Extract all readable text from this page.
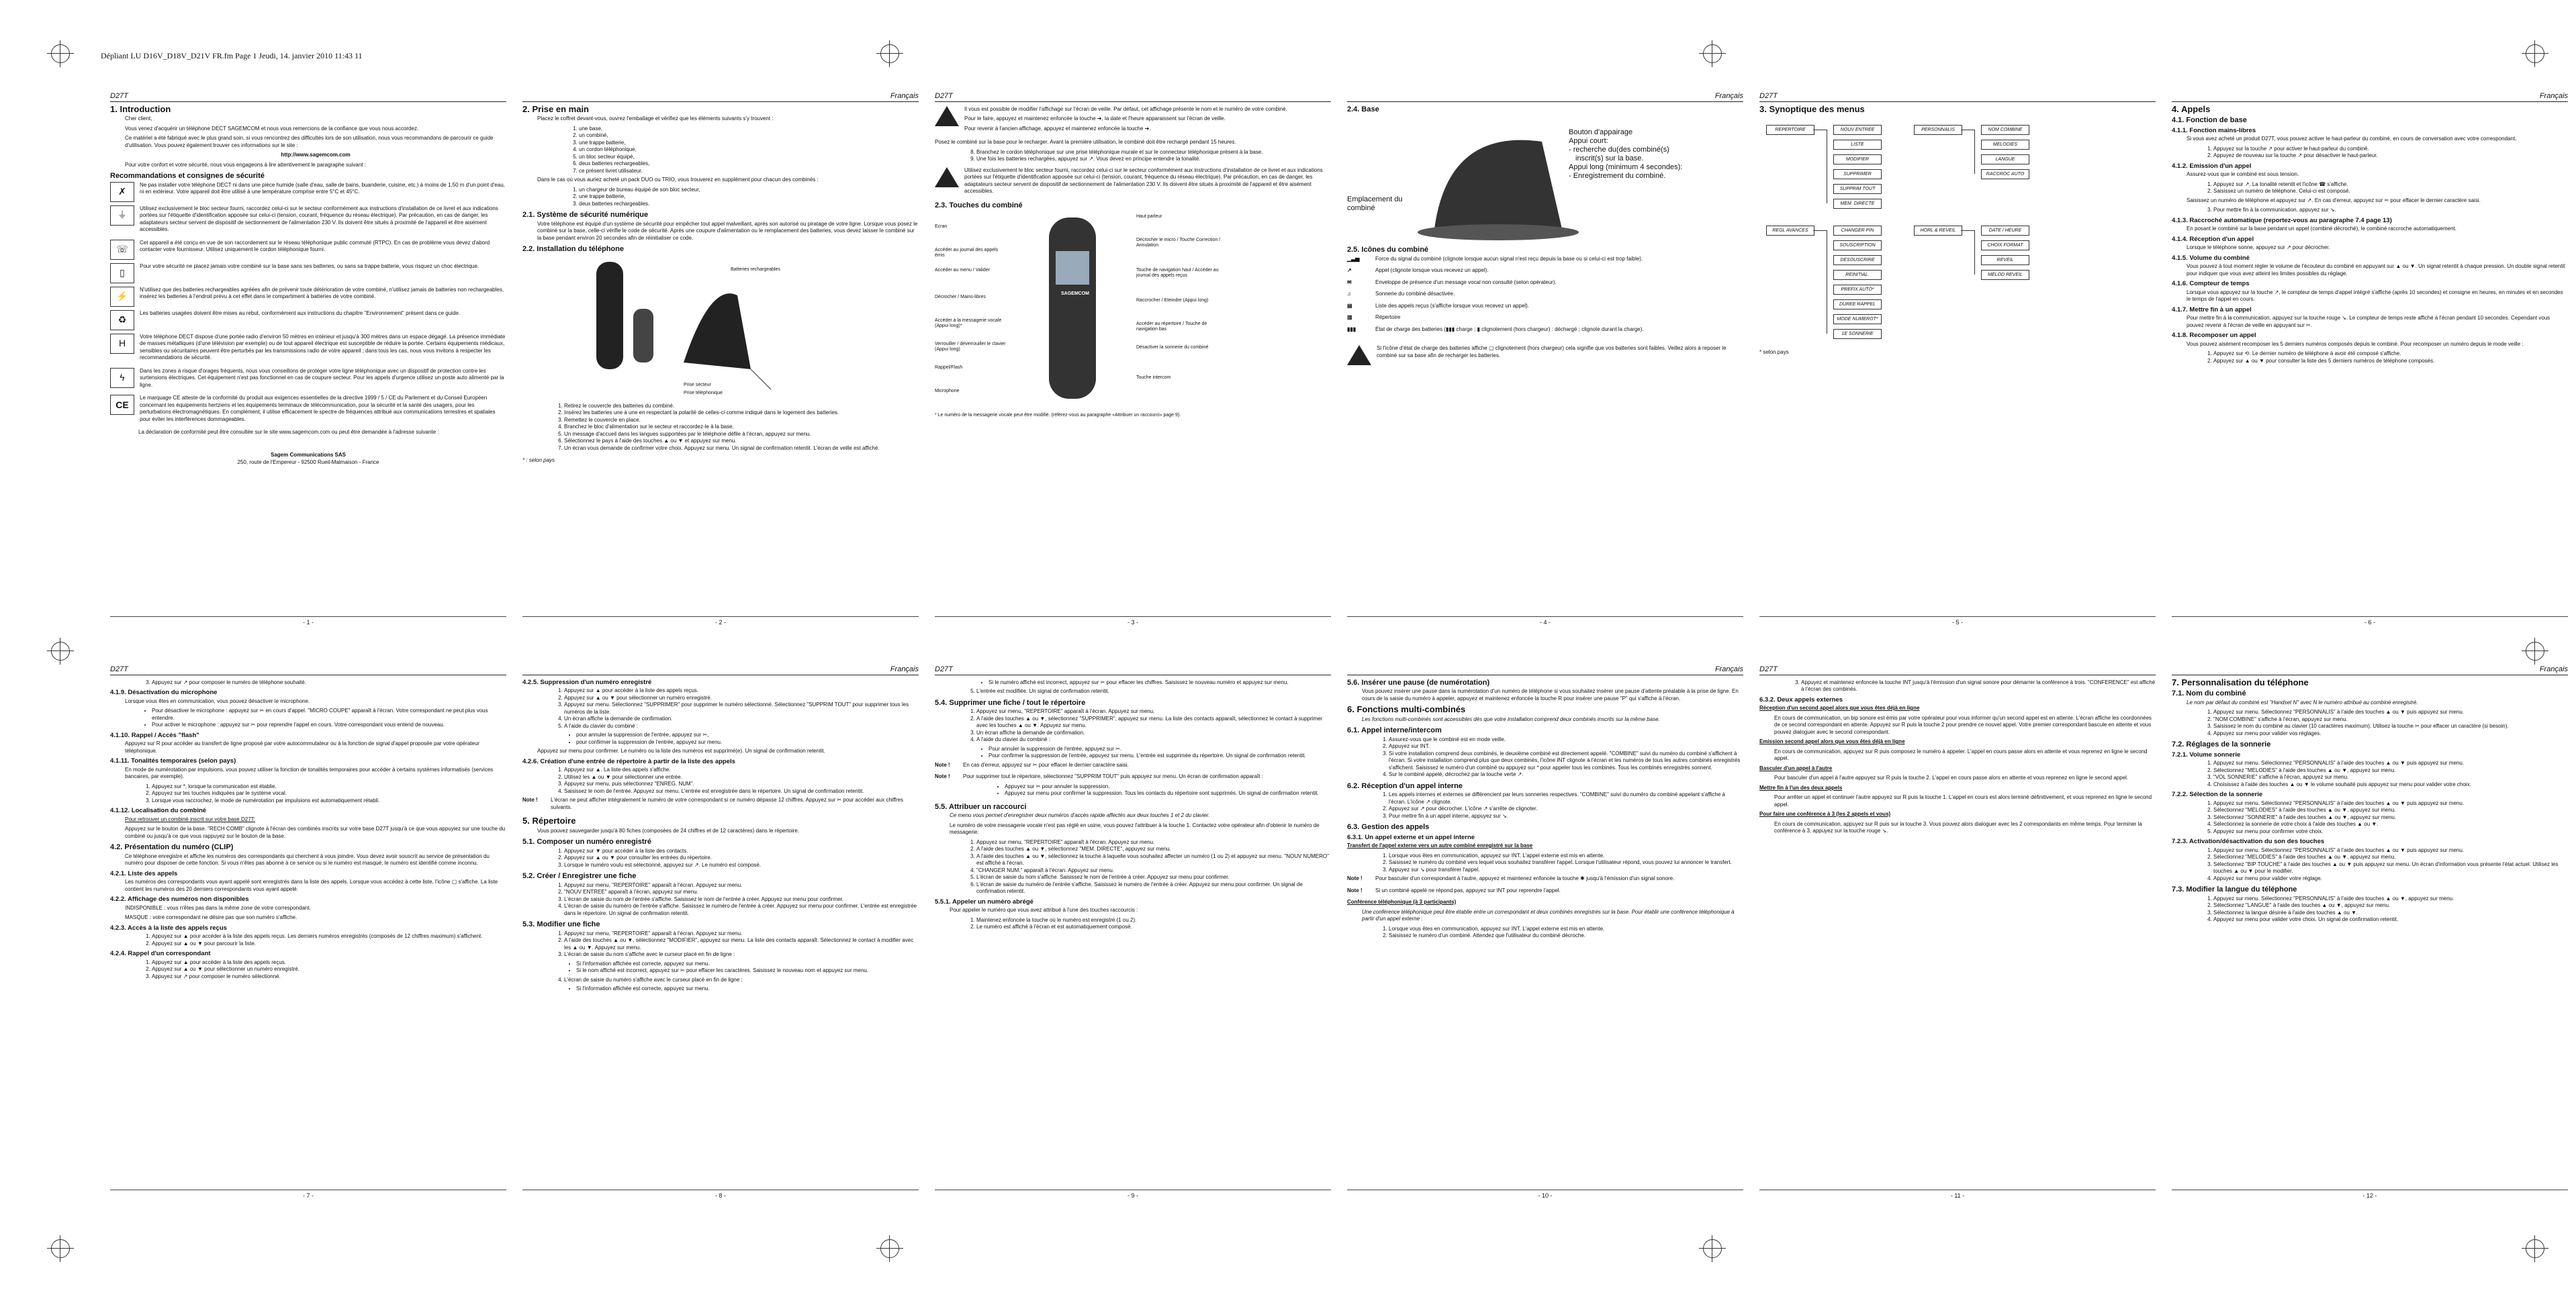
Dépliant LU D16V_D18V_D21V FR.fm Page 1 Jeudi, 14. janvier 2010 11:43 11
D27T
1. Introduction

Cher client,

Vous venez d'acquérir un téléphone DECT SAGEMCOM et nous vous remercions de la confiance que vous nous accordez.

Ce matériel a été fabriqué avec le plus grand soin, si vous rencontrez des difficultés lors de son utilisation, nous vous recommandons de parcourir ce guide d'utilisation. Vous pouvez également trouver ces informations sur le site :

http://www.sagemcom.com

Pour votre confort et votre sécurité, nous vous engageons à lire attentivement le paragraphe suivant :

Recommandations et consignes de sécurité
✗

Ne pas installer votre téléphone DECT ni dans une pièce humide (salle d'eau, salle de bains, buanderie, cuisine, etc.) à moins de 1,50 m d'un point d'eau, ni en extérieur. Votre appareil doit être utilisé à une température comprise entre 5°C et 45°C.

⏚

Utilisez exclusivement le bloc secteur fourni, raccordez celui-ci sur le secteur conformément aux instructions d'installation de ce livret et aux indications portées sur l'étiquette d'identification apposée sur celui-ci (tension, courant, fréquence du réseau électrique). Par précaution, en cas de danger, les adaptateurs secteur servent de dispositif de sectionnement de l'alimentation 230 V. Ils doivent être situés à proximité de l'appareil et être aisément accessibles.

☏

Cet appareil a été conçu en vue de son raccordement sur le réseau téléphonique public commuté (RTPC). En cas de problème vous devez d'abord contacter votre fournisseur. Utilisez uniquement le cordon téléphonique fourni.

▯

Pour votre sécurité ne placez jamais votre combiné sur la base sans ses batteries, ou sans sa trappe batterie, vous risquez un choc électrique.

⚡

N'utilisez que des batteries rechargeables agréées afin de prévenir toute détérioration de votre combiné, n'utilisez jamais de batteries non rechargeables, insérez les batteries à l'endroit prévu à cet effet dans le compartiment à batteries de votre combiné.

♻

Les batteries usagées doivent être mises au rebut, conformément aux instructions du chapitre "Environnement" présent dans ce guide.

H

Votre téléphone DECT dispose d'une portée radio d'environ 50 mètres en intérieur et jusqu'à 300 mètres dans un espace dégagé. La présence immédiate de masses métalliques (d'une télévision par exemple) ou de tout appareil électrique est susceptible de réduire la portée. Certains équipements médicaux, sensibles ou sécuritaires peuvent être perturbés par les transmissions radio de votre appareil ; dans tous les cas, nous vous invitons à respecter les recommandations de sécurité.

ϟ

Dans les zones à risque d'orages fréquents, nous vous conseillons de protéger votre ligne téléphonique avec un dispositif de protection contre les surtensions électriques. Cet équipement n'est pas fonctionnel en cas de coupure secteur. Pour les appels d'urgence utilisez un poste auto alimenté par la ligne.

CE

Le marquage CE atteste de la conformité du produit aux exigences essentielles de la directive 1999 / 5 / CE du Parlement et du Conseil Européen concernant les équipements hertziens et les équipements terminaux de télécommunication, pour la sécurité et la santé des usagers, pour les perturbations électromagnétiques. En complément, il utilise efficacement le spectre de fréquences attribué aux communications terrestres et spatiales pour éviter les interférences dommageables.

La déclaration de conformité peut être consultée sur le site www.sagemcom.com ou peut être demandée à l'adresse suivante :

Sagem Communications SAS
250, route de l'Empereur - 92500 Rueil-Malmaison - France
- 1 -
Français
2. Prise en main

Placez le coffret devant-vous, ouvrez l'emballage et vérifiez que les éléments suivants s'y trouvent :

1. une base,
2. un combiné,
3. une trappe batterie,
4. un cordon téléphonique,
5. un bloc secteur équipé,
6. deux batteries rechargeables,
7. ce présent livret utilisateur.

Dans le cas où vous auriez acheté un pack DUO ou TRIO, vous trouverez en supplément pour chacun des combinés :

1. un chargeur de bureau équipé de son bloc secteur,
2. une trappe batterie,
3. deux batteries rechargeables.
2.1. Système de sécurité numérique

Votre téléphone est équipé d'un système de sécurité pour empêcher tout appel malveillant, après son autorisé ou piratage de votre ligne. Lorsque vous posez le combiné sur la base, celle-ci vérifie le code de sécurité. Après une coupure d'alimentation ou le remplacement des batteries, vous devez laisser le combiné sur la base pendant environ 20 secondes afin de réinitialiser ce code.

2.2. Installation du téléphone
Batteries rechargeables
Prise secteur
Prise téléphonique
1. Retirez le couvercle des batteries du combiné.
2. Insérez les batteries une à une en respectant la polarité de celles-ci comme indiqué dans le logement des batteries.
3. Remettez le couvercle en place.
4. Branchez le bloc d'alimentation sur le secteur et raccordez-le à la base.
5. Un message d'accueil dans les langues supportées par le téléphone défile à l'écran, appuyez sur menu.
6. Sélectionnez le pays à l'aide des touches ▲ ou ▼ et appuyez sur menu.
7. Un écran vous demande de confirmer votre choix. Appuyez sur menu. Un signal de confirmation retentit. L'écran de veille est affiché.

* : selon pays

- 2 -
D27T

Il vous est possible de modifier l'affichage sur l'écran de veille. Par défaut, cet affichage présente le nom et le numéro de votre combiné.

Pour le faire, appuyez et maintenez enfoncée la touche ➜, la date et l'heure apparaissent sur l'écran de veille.

Pour revenir à l'ancien affichage, appuyez et maintenez enfoncée la touche ➜.

Posez le combiné sur la base pour le recharger. Avant la première utilisation, le combiné doit être rechargé pendant 15 heures.

8. Branchez le cordon téléphonique sur une prise téléphonique murale et sur le connecteur téléphonique présent à la base.
9. Une fois les batteries rechargées, appuyez sur ↗. Vous devez en principe entendre la tonalité.

Utilisez exclusivement le bloc secteur fourni, raccordez celui-ci sur le secteur conformément aux instructions d'installation de ce livret et aux indications portées sur l'étiquette d'identification apposée sur celui-ci (tension, courant, fréquence du réseau électrique). Par précaution, en cas de danger, les adaptateurs secteur servent de dispositif de sectionnement de l'alimentation 230 V. Ils doivent être situés à proximité de l'appareil et être aisément accessibles.

2.3. Touches du combiné
SAGEMCOM
Ecran
Accéder au journal des appels émis
Accéder au menu / Valider
Décrocher / Mains-libres
Accéder à la messagerie vocale (Appui long)*
Verrouiller / déverrouiller le clavier (Appui long)
Rappel/Flash
Microphone
Haut parleur
Décrocher le micro / Touche Correction / Annulation
Touche de navigation haut / Accéder au journal des appels reçus
Raccrocher / Eteindre (Appui long)
Accéder au répertoire / Touche de navigation bas
Désactiver la sonnerie du combiné
Touche intercom

* Le numéro de la messagerie vocale peut être modifié. (référez-vous au paragraphe «Attribuer un raccourci» page 9).

- 3 -
Français
2.4. Base
Bouton d'appairage
Appui court:
- recherche du(des combiné(s)
inscrit(s) sur la base.
Appui long (minimum 4 secondes):
- Enregistrement du combiné.
Emplacement du combiné
2.5. Icônes du combiné
▁▃▅	Force du signal du combiné (clignote lorsque aucun signal n'est reçu depuis la base ou si celui-ci est trop faible).

↗	Appel (clignote lorsque vous recevez un appel).

✉	Enveloppe de présence d'un message vocal non consulté (selon opérateur).

♫	Sonnerie du combiné désactivée.

▤	Liste des appels reçus (s'affiche lorsque vous recevez un appel).

▥	Répertoire

▮▮▮	État de charge des batteries (▮▮▮ charge ; ▮ clignotement (hors chargeur) : déchargé ; clignote durant la charge).

Si l'icône d'état de charge des batteries affiche ▢ clignotement (hors chargeur) cela signifie que vos batteries sont faibles. Veillez alors à reposer le combiné sur sa base afin de recharger les batteries.

- 4 -
D27T
3. Synoptique des menus
REPERTOIRE	NOUV ENTREE
LISTE
MODIFIER
SUPPRIMER
SUPPRIM TOUT
MEM. DIRECTE
PERSONNALIS	NOM COMBINE
MELODIES
LANGUE
RACCROC AUTO
REGL AVANCES	CHANGER PIN
SOUSCRIPTION
DESOUSCRIRE
REINITIAL.
PREFIX AUTO*
HORL & REVEIL	DATE / HEURE
CHOIX FORMAT
REVEIL
MELOD REVEIL
DUREE RAPPEL
MODE NUMEROT*
1E SONNERIE

* selon pays

- 5 -
Français
4. Appels
4.1. Fonction de base
4.1.1. Fonction mains-libres

Si vous avez acheté un produit D27T, vous pouvez activer le haut-parleur du combiné, en cours de conversation avec votre correspondant.

1. Appuyez sur la touche ↗ pour activer le haut-parleur du combiné.
2. Appuyez de nouveau sur la touche ↗ pour désactiver le haut-parleur.
4.1.2. Emission d'un appel

Assurez-vous que le combiné est sous tension.

1. Appuyez sur ↗. La tonalité retentit et l'icône ☎ s'affiche.
2. Saisissez un numéro de téléphone. Celui-ci est composé.

Saisissez un numéro de téléphone et appuyez sur ↗. En cas d'erreur, appuyez sur ✂ pour effacer le dernier caractère saisi.

3. Pour mettre fin à la communication, appuyez sur ↘.
4.1.3. Raccroché automatique (reportez-vous au paragraphe 7.4 page 13)

En posant le combiné sur la base pendant un appel (combiné décroché), le combiné raccroche automatiquement.

4.1.4. Réception d'un appel

Lorsque le téléphone sonne, appuyez sur ↗ pour décrocher.

4.1.5. Volume du combiné

Vous pouvez à tout moment régler le volume de l'écouteur du combiné en appuyant sur ▲ ou ▼. Un signal retentit à chaque pression. Un double signal retentit pour indiquer que vous avez atteint les limites possibles du réglage.

4.1.6. Compteur de temps

Lorsque vous appuyez sur la touche ↗, le compteur de temps d'appel intégré s'affiche (après 10 secondes) et consigne en heures, en minutes et en secondes le temps de l'appel en cours.

4.1.7. Mettre fin à un appel

Pour mettre fin à la communication, appuyez sur la touche rouge ↘. Le compteur de temps reste affiché à l'écran pendant 10 secondes. Cependant vous pouvez revenir à l'écran de veille en appuyant sur ✂.

4.1.8. Recomposer un appel

Vous pouvez aisément recomposer les 5 derniers numéros composés depuis le combiné. Pour recomposer un numéro depuis le mode veille :

1. Appuyez sur ⟲. Le dernier numéro de téléphone à avoir été composé s'affiche.
2. Appuyez sur ▲ ou ▼ pour consulter la liste des 5 derniers numéros de téléphone composés.
- 6 -
D27T
3. Appuyez sur ↗ pour composer le numéro de téléphone souhaité.
4.1.9. Désactivation du microphone

Lorsque vous êtes en communication, vous pouvez désactiver le microphone.

• Pour désactiver le microphone : appuyez sur ✂ en cours d'appel. "MICRO COUPE" apparaît à l'écran. Votre correspondant ne peut plus vous entendre.
• Pour activer le microphone : appuyez sur ✂ pour reprendre l'appel en cours. Votre correspondant vous entend de nouveau.
4.1.10. Rappel / Accès "flash"

Appuyez sur R pour accéder au transfert de ligne proposé par votre autocommutateur ou à la fonction de signal d'appel proposée par votre opérateur téléphonique.

4.1.11. Tonalités temporaires (selon pays)

En mode de numérotation par impulsions, vous pouvez utiliser la fonction de tonalités temporaires pour accéder à certains systèmes informatisés (services bancaires, par exemple).

1. Appuyez sur *, lorsque la communication est établie.
2. Appuyez sur les touches indiquées par le système vocal.
3. Lorsque vous raccrochez, le mode de numérotation par impulsions est automatiquement rétabli.
4.1.12. Localisation du combiné

Pour retrouver un combiné inscrit sur votre base D27T:

Appuyez sur le bouton de la base. "RECH COMB" clignote à l'écran des combinés inscrits sur votre base D27T jusqu'à ce que vous appuyiez sur une touche du combiné ou jusqu'à ce que vous rappuyez sur le bouton de la base.

4.2. Présentation du numéro (CLIP)

Ce téléphone enregistre et affiche les numéros des correspondants qui cherchent à vous joindre. Vous devez avoir souscrit au service de présentation du numéro pour disposer de cette fonction. Si vous n'êtes pas abonné à ce service ou si le numéro est masqué, le numéro est identifié comme inconnu.

4.2.1. Liste des appels

Les numéros des correspondants vous ayant appelé sont enregistrés dans la liste des appels. Lorsque vous accédez à cette liste, l'icône ▢ s'affiche. La liste contient les numéros des 20 derniers correspondants vous ayant appelé.

4.2.2. Affichage des numéros non disponibles

INDISPONIBLE : vous n'êtes pas dans la même zone de votre correspondant.

MASQUE : votre correspondant ne désire pas que son numéro s'affiche.

4.2.3. Accès à la liste des appels reçus
1. Appuyez sur ▲ pour accéder à la liste des appels reçus. Les derniers numéros enregistrés (composés de 12 chiffres maximum) s'affichent.
2. Appuyez sur ▲ ou ▼ pour parcourir la liste.
4.2.4. Rappel d'un correspondant
1. Appuyez sur ▲ pour accéder à la liste des appels reçus.
2. Appuyez sur ▲ ou ▼ pour sélectionner un numéro enregistré.
3. Appuyez sur ↗ pour composer le numéro sélectionné.
- 7 -
Français
4.2.5. Suppression d'un numéro enregistré
1. Appuyez sur ▲ pour accéder à la liste des appels reçus.
2. Appuyez sur ▲ ou ▼ pour sélectionner un numéro enregistré.
3. Appuyez sur menu. Sélectionnez "SUPPRIMER" pour supprimer le numéro sélectionné. Sélectionnez "SUPPRIM TOUT" pour supprimer tous les numéros de la liste.
4. Un écran affiche la demande de confirmation.
5. A l'aide du clavier du combiné :
• pour annuler la suppression de l'entrée, appuyez sur ✂,
• pour confirmer la suppression de l'entrée, appuyez sur menu.

Appuyez sur menu pour confirmer. Le numéro ou la liste des numéros est supprimé(e). Un signal de confirmation retentit.

4.2.6. Création d'une entrée de répertoire à partir de la liste des appels
1. Appuyez sur ▲. La liste des appels s'affiche.
2. Utilisez les ▲ ou ▼ pour sélectionner une entrée.
3. Appuyez sur menu, puis sélectionnez "ENREG. NUM".
4. Saisissez le nom de l'entrée. Appuyez sur menu. L'entrée est enregistrée dans le répertoire. Un signal de confirmation retentit.
Note !	L'écran ne peut afficher intégralement le numéro de votre correspondant si ce numéro dépasse 12 chiffres. Appuyez sur ✂ pour accéder aux chiffres suivants.

5. Répertoire

Vous pouvez sauvegarder jusqu'à 80 fiches (composées de 24 chiffres et de 12 caractères) dans le répertoire.

5.1. Composer un numéro enregistré
1. Appuyez sur ▼ pour accéder à la liste des contacts.
2. Appuyez sur ▲ ou ▼ pour consulter les entrées du répertoire.
3. Lorsque le numéro voulu est sélectionné, appuyez sur ↗. Le numéro est composé.
5.2. Créer / Enregistrer une fiche
1. Appuyez sur menu, "REPERTOIRE" apparaît à l'écran. Appuyez sur menu.
2. "NOUV ENTREE" apparaît à l'écran, appuyez sur menu.
3. L'écran de saisie du nom de l'entrée s'affiche. Saisissez le nom de l'entrée à créer. Appuyez sur menu pour confirmer.
4. L'écran de saisie du numéro de l'entrée s'affiche. Saisissez le numéro de l'entrée à créer. Appuyez sur menu pour confirmer. L'entrée est enregistrée dans le répertoire. Un signal de confirmation retentit.
5.3. Modifier une fiche
1. Appuyez sur menu, "REPERTOIRE" apparaît à l'écran. Appuyez sur menu.
2. A l'aide des touches ▲ ou ▼, sélectionnez "MODIFIER", appuyez sur menu. La liste des contacts apparaît. Sélectionnez le contact à modifier avec les ▲ ou ▼. Appuyez sur menu.
3. L'écran de saisie du nom s'affiche avec le curseur placé en fin de ligne :
• Si l'information affichée est correcte, appuyez sur menu.
• Si le nom affiché est incorrect, appuyez sur ✂ pour effacer les caractères. Saisissez le nouveau nom et appuyez sur menu.
4. L'écran de saisie du numéro s'affiche avec le curseur placé en fin de ligne :
• Si l'information affichée est correcte, appuyez sur menu.
- 8 -
D27T
• Si le numéro affiché est incorrect, appuyez sur ✂ pour effacer les chiffres. Saisissez le nouveau numéro et appuyez sur menu.
5. L'entrée est modifiée. Un signal de confirmation retentit.
5.4. Supprimer une fiche / tout le répertoire
1. Appuyez sur menu, "REPERTOIRE" apparaît à l'écran. Appuyez sur menu.
2. A l'aide des touches ▲ ou ▼, sélectionnez "SUPPRIMER", appuyez sur menu. La liste des contacts apparaît, sélectionnez le contact à supprimer avec les touches ▲ ou ▼. Appuyez sur menu.
3. Un écran affiche la demande de confirmation.
4. A l'aide du clavier du combiné :
• Pour annuler la suppression de l'entrée, appuyez sur ✂.
• Pour confirmer la suppression de l'entrée, appuyez sur menu. L'entrée est supprimée du répertoire. Un signal de confirmation retentit.
Note !	En cas d'erreur, appuyez sur ✂ pour effacer le dernier caractère saisi.

Note !	Pour supprimer tout le répertoire, sélectionnez "SUPPRIM TOUT" puis appuyez sur menu. Un écran de confirmation apparaît :

• Appuyez sur ✂ pour annuler la suppression.
• Appuyez sur menu pour confirmer la suppression. Tous les contacts du répertoire sont supprimés. Un signal de confirmation retentit.
5.5. Attribuer un raccourci

Ce menu vous permet d'enregistrer deux numéros d'accès rapide affectés aux deux touches 1 et 2 du clavier.

Le numéro de votre messagerie vocale n'est pas réglé en usine, vous pouvez l'attribuer à la touche 1. Contactez votre opérateur afin d'obtenir le numéro de messagerie.

1. Appuyez sur menu, "REPERTOIRE" apparaît à l'écran. Appuyez sur menu.
2. A l'aide des touches ▲ ou ▼, sélectionnez "MEM. DIRECTE", appuyez sur menu.
3. A l'aide des touches ▲ ou ▼, sélectionnez la touche à laquelle vous souhaitez affecter un numéro (1 ou 2) et appuyez sur menu. "NOUV NUMERO" est affiché à l'écran.
4. "CHANGER NUM." apparaît à l'écran. Appuyez sur menu.
5. L'écran de saisie du nom s'affiche. Saisissez le nom de l'entrée à créer. Appuyez sur menu pour confirmer.
6. L'écran de saisie du numéro de l'entrée s'affiche. Saisissez le numéro de l'entrée à créer. Appuyez sur menu pour confirmer. Un signal de confirmation retentit.
5.5.1. Appeler un numéro abrégé

Pour appeler le numéro que vous avez attribué à l'une des touches raccourcis :

1. Maintenez enfoncée la touche où le numéro est enregistré (1 ou 2).
2. Le numéro est affiché à l'écran et est automatiquement composé.
- 9 -
Français
5.6. Insérer une pause (de numérotation)

Vous pouvez insérer une pause dans la numérotation d'un numéro de téléphone si vous souhaitez insérer une pause d'attente préalable à la prise de ligne. En cours de la saisie du numéro à appeler, appuyez et maintenez enfoncée la touche R pour insérer une pause "P" qui s'affiche à l'écran.

6. Fonctions multi-combinés

Les fonctions multi-combinés sont accessibles dès que votre installation comprend deux combinés inscrits sur la même base.

6.1. Appel interne/intercom
1. Assurez-vous que le combiné est en mode veille.
2. Appuyez sur INT.
3. Si votre installation comprend deux combinés, le deuxième combiné est directement appelé. "COMBINE" suivi du numéro du combiné s'affichent à l'écran. Si votre installation comprend plus que deux combinés, l'icône INT clignote à l'écran et les numéros de tous les autres combinés enregistrés s'affichent. Saisissez le numéro d'un combiné ou appuyez sur * pour appeler tous les combinés. Tous les combinés enregistrés sonnent.
4. Sur le combiné appelé, décrochez par la touche verte ↗.
6.2. Réception d'un appel interne
1. Les appels internes et externes se différencient par leurs sonneries respectives. "COMBINE" suivi du numéro du combiné appelant s'affiche à l'écran. L'icône ↗ clignote.
2. Appuyez sur ↗ pour décrocher. L'icône ↗ s'arrête de clignoter.
3. Pour mettre fin à un appel interne, appuyez sur ↘.
6.3. Gestion des appels
6.3.1. Un appel externe et un appel interne

Transfert de l'appel externe vers un autre combiné enregistré sur la base

1. Lorsque vous êtes en communication, appuyez sur INT. L'appel externe est mis en attente.
2. Saisissez le numéro du combiné vers lequel vous souhaitez transférer l'appel. Lorsque l'utilisateur répond, vous pouvez lui annoncer le transfert.
3. Appuyez sur ↘ pour transférer l'appel.
Note !	Pour basculer d'un correspondant à l'autre, appuyez et maintenez enfoncée la touche ✱ jusqu'à l'émission d'un signal sonore.

Note !	Si un combiné appelé ne répond pas, appuyez sur INT pour reprendre l'appel.

Conférence téléphonique (à 3 participants)

Une conférence téléphonique peut être établie entre un correspondant et deux combinés enregistrés sur la base. Pour établir une conférence téléphonique à partir d'un appel externe :

1. Lorsque vous êtes en communication, appuyez sur INT. L'appel externe est mis en attente.
2. Saisissez le numéro d'un combiné. Attendez que l'utilisateur du combiné décroche.
- 10 -
D27T
3. Appuyez et maintenez enfoncée la touche INT jusqu'à l'émission d'un signal sonore pour démarrer la conférence à trois. "CONFERENCE" est affiché à l'écran des combinés.
6.3.2. Deux appels externes

Réception d'un second appel alors que vous êtes déjà en ligne

En cours de communication, un bip sonore est émis par votre opérateur pour vous informer qu'un second appel est en attente. L'écran affiche les coordonnées de ce second correspondant en attente. Appuyez sur R puis la touche 2 pour prendre ce nouvel appel. Votre premier correspondant bascule en attente et vous pouvez dialoguer avec le second correspondant.

Emission second appel alors que vous êtes déjà en ligne

En cours de communication, appuyez sur R puis composez le numéro à appeler. L'appel en cours passe alors en attente et vous reprenez en ligne le second appel.

Basculer d'un appel à l'autre

Pour basculer d'un appel à l'autre appuyez sur R puis la touche 2. L'appel en cours passe alors en attente et vous reprenez en ligne le second appel.

Mettre fin à l'un des deux appels

Pour arrêter un appel et continuer l'autre appuyez sur R puis la touche 1. L'appel en cours est alors terminé définitivement, et vous reprenez en ligne le second appel.

Pour faire une conférence à 3 (les 2 appels et vous)

En cours de communication, appuyez sur R puis sur la touche 3. Vous pouvez alors dialoguer avec les 2 correspondants en même temps. Pour terminer la conférence à 3, appuyez sur la touche rouge ↘.

- 11 -
Français
7. Personnalisation du téléphone
7.1. Nom du combiné

Le nom par défaut du combiné est "Handset N" avec N le numéro attribué au combiné enregistré.

1. Appuyez sur menu. Sélectionnez "PERSONNALIS" à l'aide des touches ▲ ou ▼ puis appuyez sur menu.
2. "NOM COMBINE" s'affiche à l'écran, appuyez sur menu.
3. Saisissez le nom du combiné au clavier (10 caractères maximum). Utilisez la touche ✂ pour effacer un caractère (si besoin).
4. Appuyez sur menu pour valider vos réglages.
7.2. Réglages de la sonnerie
7.2.1. Volume sonnerie
1. Appuyez sur menu. Sélectionnez "PERSONNALIS" à l'aide des touches ▲ ou ▼ puis appuyez sur menu.
2. Sélectionnez "MELODIES" à l'aide des touches ▲ ou ▼, appuyez sur menu.
3. "VOL SONNERIE" s'affiche à l'écran, appuyez sur menu.
4. Choisissez à l'aide des touches ▲ ou ▼ le volume souhaité puis appuyez sur menu pour valider votre choix.
7.2.2. Sélection de la sonnerie
1. Appuyez sur menu. Sélectionnez "PERSONNALIS" à l'aide des touches ▲ ou ▼ puis appuyez sur menu.
2. Sélectionnez "MELODIES" à l'aide des touches ▲ ou ▼, appuyez sur menu.
3. Sélectionnez "SONNERIE" à l'aide des touches ▲ ou ▼, appuyez sur menu.
4. Sélectionnez la sonnerie de votre choix à l'aide des touches ▲ ou ▼.
5. Appuyez sur menu pour confirmer votre choix.
7.2.3. Activation/désactivation du son des touches
1. Appuyez sur menu. Sélectionnez "PERSONNALIS" à l'aide des touches ▲ ou ▼ puis appuyez sur menu.
2. Sélectionnez "MELODIES" à l'aide des touches ▲ ou ▼, appuyez sur menu.
3. Sélectionnez "BIP TOUCHE" à l'aide des touches ▲ ou ▼ puis appuyez sur menu. Un écran d'information vous présente l'état actuel. Utilisez les touches ▲ ou ▼ pour le modifier.
4. Appuyez sur menu pour valider votre réglage.
7.3. Modifier la langue du téléphone
1. Appuyez sur menu. Sélectionnez "PERSONNALIS" à l'aide des touches ▲ ou ▼, appuyez sur menu.
2. Sélectionnez "LANGUE" à l'aide des touches ▲ ou ▼, appuyez sur menu.
3. Sélectionnez la langue désirée à l'aide des touches ▲ ou ▼.
4. Appuyez sur menu pour valider votre choix. Un signal de confirmation retentit.
- 12 -
